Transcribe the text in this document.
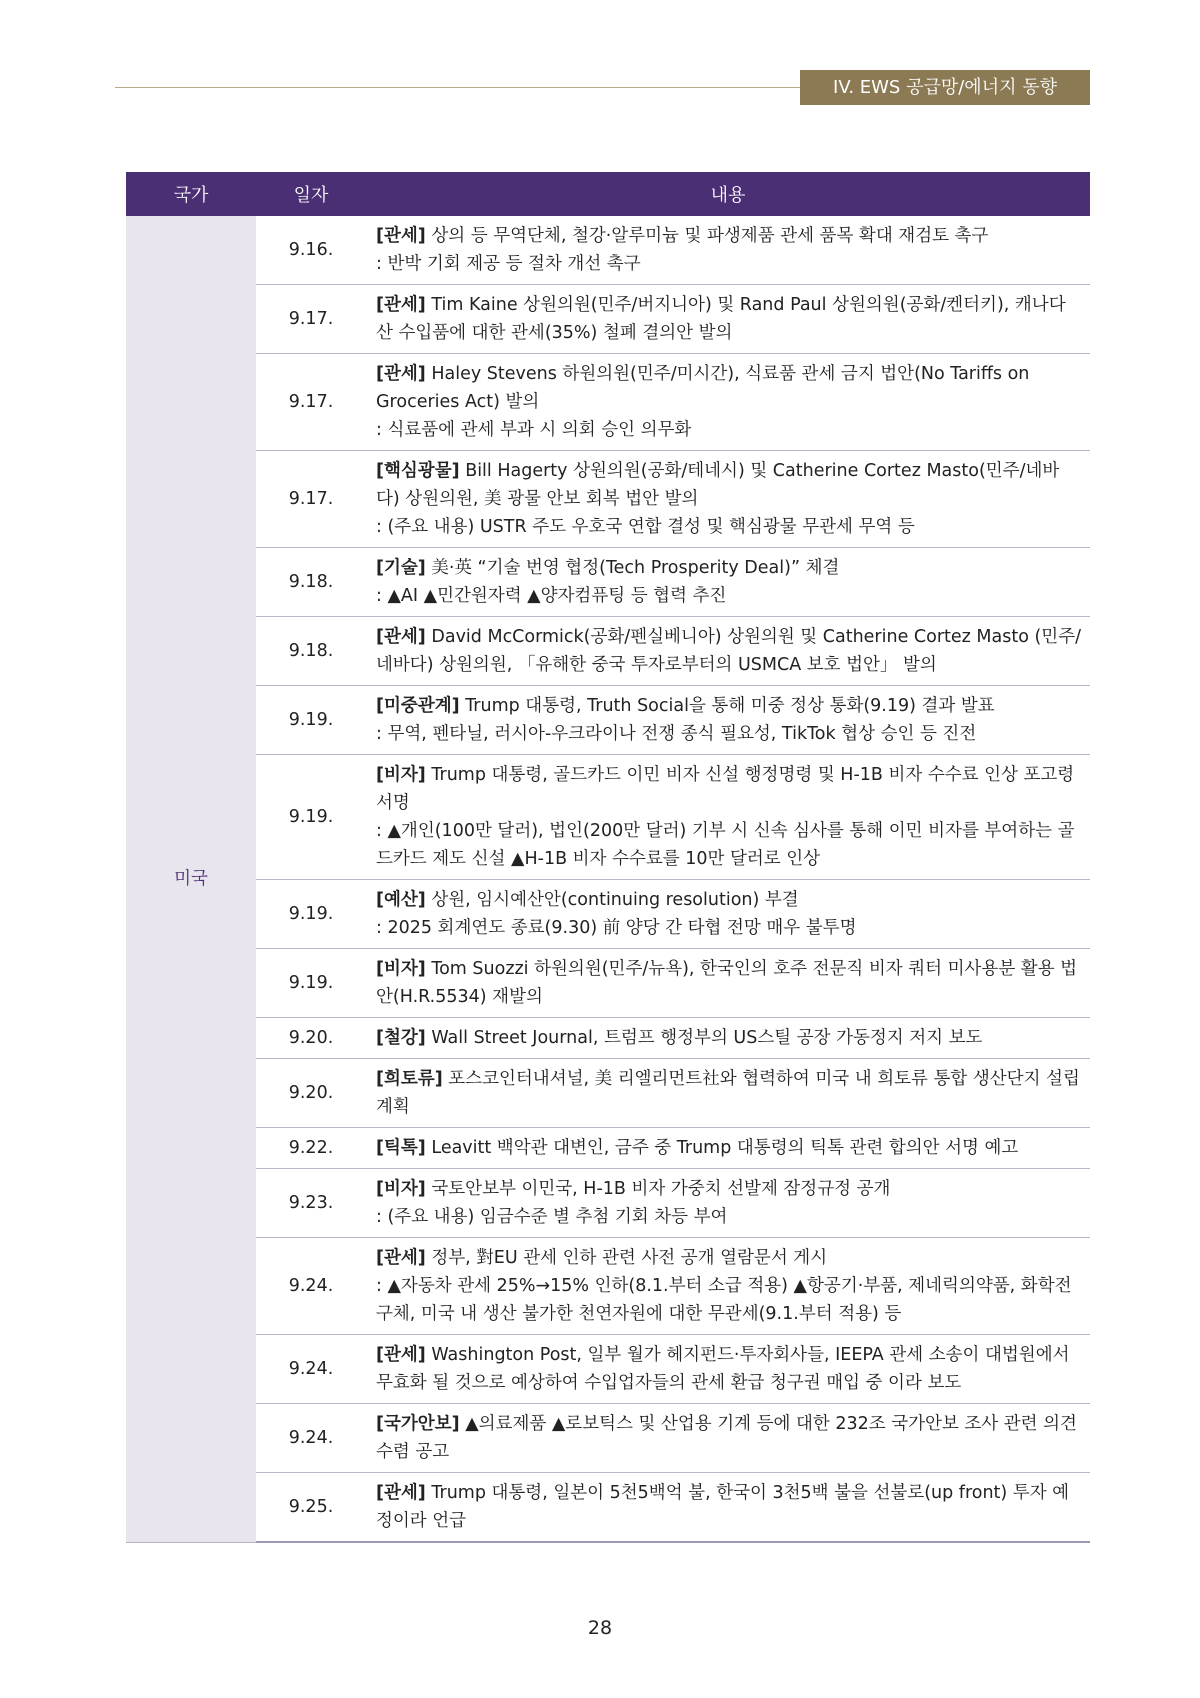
IV. EWS 공급망/에너지 동향
국가	일자	내용
미국	9.16.	[관세] 상의 등 무역단체, 철강·알루미늄 및 파생제품 관세 품목 확대 재검토 촉구
: 반박 기회 제공 등 절차 개선 촉구

	9.17.	[관세] Tim Kaine 상원의원(민주/버지니아) 및 Rand Paul 상원의원(공화/켄터키), 캐나다산 수입품에 대한 관세(35%) 철폐 결의안 발의

	9.17.	[관세] Haley Stevens 하원의원(민주/미시간), 식료품 관세 금지 법안(No Tariffs on Groceries Act) 발의
: 식료품에 관세 부과 시 의회 승인 의무화

	9.17.	[핵심광물] Bill Hagerty 상원의원(공화/테네시) 및 Catherine Cortez Masto(민주/네바다) 상원의원, 美 광물 안보 회복 법안 발의
: (주요 내용) USTR 주도 우호국 연합 결성 및 핵심광물 무관세 무역 등

	9.18.	[기술] 美·英 “기술 번영 협정(Tech Prosperity Deal)” 체결
: ▲AI ▲민간원자력 ▲양자컴퓨팅 등 협력 추진

	9.18.	[관세] David McCormick(공화/펜실베니아) 상원의원 및 Catherine Cortez Masto (민주/네바다) 상원의원, 「유해한 중국 투자로부터의 USMCA 보호 법안」 발의

	9.19.	[미중관계] Trump 대통령, Truth Social을 통해 미중 정상 통화(9.19) 결과 발표
: 무역, 펜타닐, 러시아-우크라이나 전쟁 종식 필요성, TikTok 협상 승인 등 진전

	9.19.	[비자] Trump 대통령, 골드카드 이민 비자 신설 행정명령 및 H-1B 비자 수수료 인상 포고령 서명
: ▲개인(100만 달러), 법인(200만 달러) 기부 시 신속 심사를 통해 이민 비자를 부여하는 골드카드 제도 신설 ▲H-1B 비자 수수료를 10만 달러로 인상

	9.19.	[예산] 상원, 임시예산안(continuing resolution) 부결
: 2025 회계연도 종료(9.30) 前 양당 간 타협 전망 매우 불투명

	9.19.	[비자] Tom Suozzi 하원의원(민주/뉴욕), 한국인의 호주 전문직 비자 쿼터 미사용분 활용 법안(H.R.5534) 재발의

	9.20.	[철강] Wall Street Journal, 트럼프 행정부의 US스틸 공장 가동정지 저지 보도

	9.20.	[희토류] 포스코인터내셔널, 美 리엘리먼트社와 협력하여 미국 내 희토류 통합 생산단지 설립 계획

	9.22.	[틱톡] Leavitt 백악관 대변인, 금주 중 Trump 대통령의 틱톡 관련 합의안 서명 예고

	9.23.	[비자] 국토안보부 이민국, H-1B 비자 가중치 선발제 잠정규정 공개
: (주요 내용) 임금수준 별 추첨 기회 차등 부여

	9.24.	[관세] 정부, 對EU 관세 인하 관련 사전 공개 열람문서 게시
: ▲자동차 관세 25%→15% 인하(8.1.부터 소급 적용) ▲항공기·부품, 제네릭의약품, 화학전구체, 미국 내 생산 불가한 천연자원에 대한 무관세(9.1.부터 적용) 등

	9.24.	[관세] Washington Post, 일부 월가 헤지펀드·투자회사들, IEEPA 관세 소송이 대법원에서 무효화 될 것으로 예상하여 수입업자들의 관세 환급 청구권 매입 중 이라 보도

	9.24.	[국가안보] ▲의료제품 ▲로보틱스 및 산업용 기계 등에 대한 232조 국가안보 조사 관련 의견수렴 공고

	9.25.	[관세] Trump 대통령, 일본이 5천5백억 불, 한국이 3천5백 불을 선불로(up front) 투자 예정이라 언급
28
